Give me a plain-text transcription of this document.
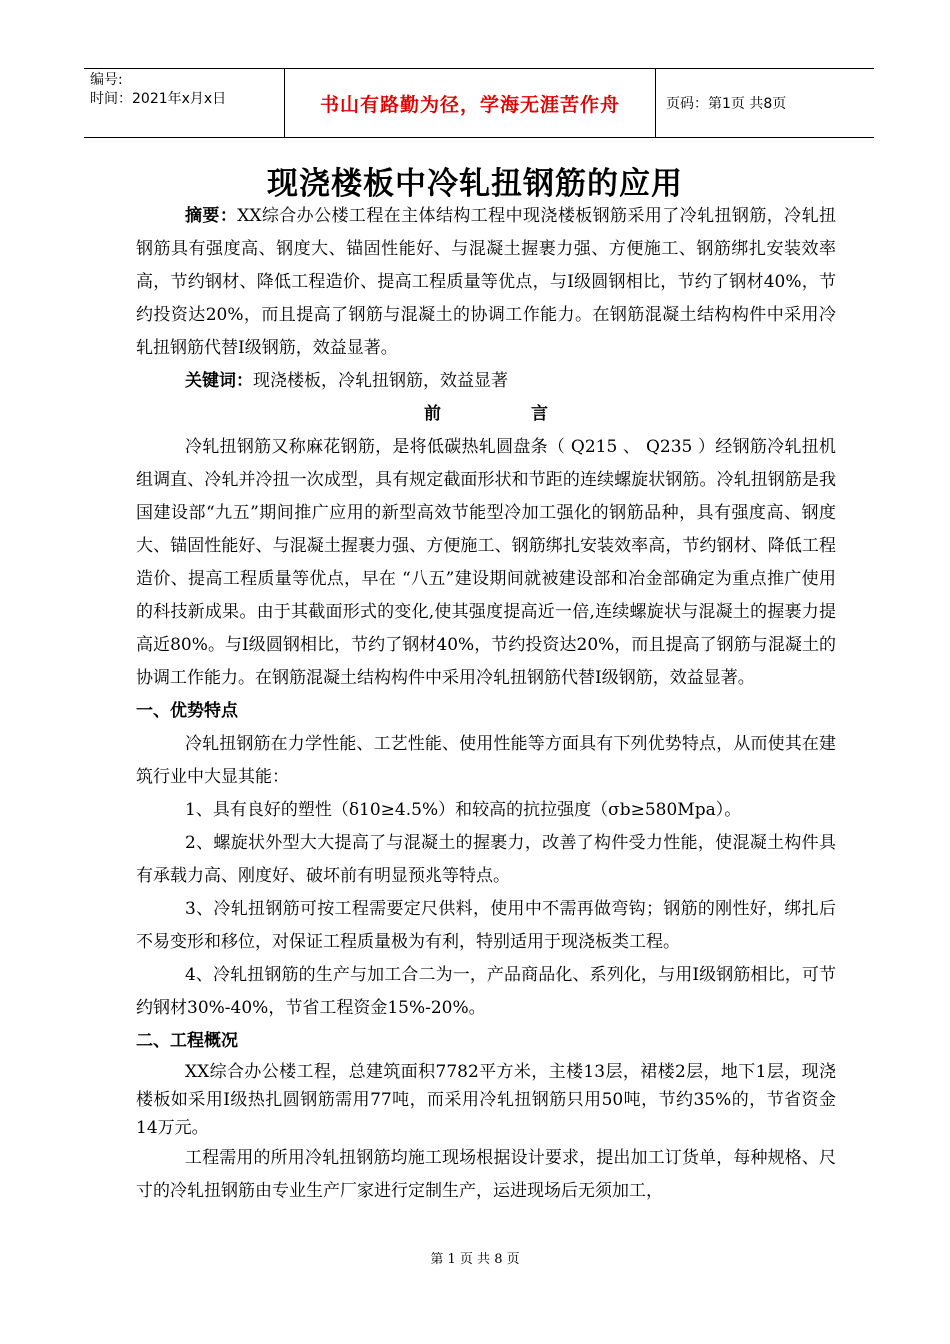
编号:
时间：2021年x月x日	书山有路勤为径，学海无涯苦作舟	页码：第1页 共8页
现浇楼板中冷轧扭钢筋的应用

摘要：XX综合办公楼工程在主体结构工程中现浇楼板钢筋采用了冷轧扭钢筋，冷轧扭钢筋具有强度高、钢度大、锚固性能好、与混凝土握裹力强、方便施工、钢筋绑扎安装效率高，节约钢材、降低工程造价、提高工程质量等优点，与Ⅰ级圆钢相比，节约了钢材40%，节约投资达20%，而且提高了钢筋与混凝土的协调工作能力。在钢筋混凝土结构构件中采用冷轧扭钢筋代替Ⅰ级钢筋，效益显著。

关键词：现浇楼板，冷轧扭钢筋，效益显著

前	言

冷轧扭钢筋又称麻花钢筋，是将低碳热轧圆盘条（ Q215 、 Q235 ）经钢筋冷轧扭机组调直、冷轧并冷扭一次成型，具有规定截面形状和节距的连续螺旋状钢筋。冷轧扭钢筋是我国建设部“九五”期间推广应用的新型高效节能型冷加工强化的钢筋品种，具有强度高、钢度大、锚固性能好、与混凝土握裹力强、方便施工、钢筋绑扎安装效率高，节约钢材、降低工程造价、提高工程质量等优点，早在 “八五”建设期间就被建设部和冶金部确定为重点推广使用的科技新成果。由于其截面形式的变化,使其强度提高近一倍,连续螺旋状与混凝土的握裹力提高近80%。与Ⅰ级圆钢相比，节约了钢材40%，节约投资达20%，而且提高了钢筋与混凝土的协调工作能力。在钢筋混凝土结构构件中采用冷轧扭钢筋代替Ⅰ级钢筋，效益显著。

一、优势特点

冷轧扭钢筋在力学性能、工艺性能、使用性能等方面具有下列优势特点，从而使其在建筑行业中大显其能：

1、具有良好的塑性（δ10≥4.5%）和较高的抗拉强度（σb≥580Mpa）。

2、螺旋状外型大大提高了与混凝土的握裹力，改善了构件受力性能，使混凝土构件具有承载力高、刚度好、破坏前有明显预兆等特点。

3、冷轧扭钢筋可按工程需要定尺供料，使用中不需再做弯钩；钢筋的刚性好，绑扎后不易变形和移位，对保证工程质量极为有利，特别适用于现浇板类工程。

4、冷轧扭钢筋的生产与加工合二为一，产品商品化、系列化，与用Ⅰ级钢筋相比，可节约钢材30%-40%，节省工程资金15%-20%。

二、工程概况

XX综合办公楼工程，总建筑面积7782平方米，主楼13层，裙楼2层，地下1层，现浇楼板如采用Ⅰ级热扎圆钢筋需用77吨，而采用冷轧扭钢筋只用50吨，节约35%的，节省资金14万元。

工程需用的所用冷轧扭钢筋均施工现场根据设计要求，提出加工订货单，每种规格、尺寸的冷轧扭钢筋由专业生产厂家进行定制生产，运进现场后无须加工，

第 1 页 共 8 页
